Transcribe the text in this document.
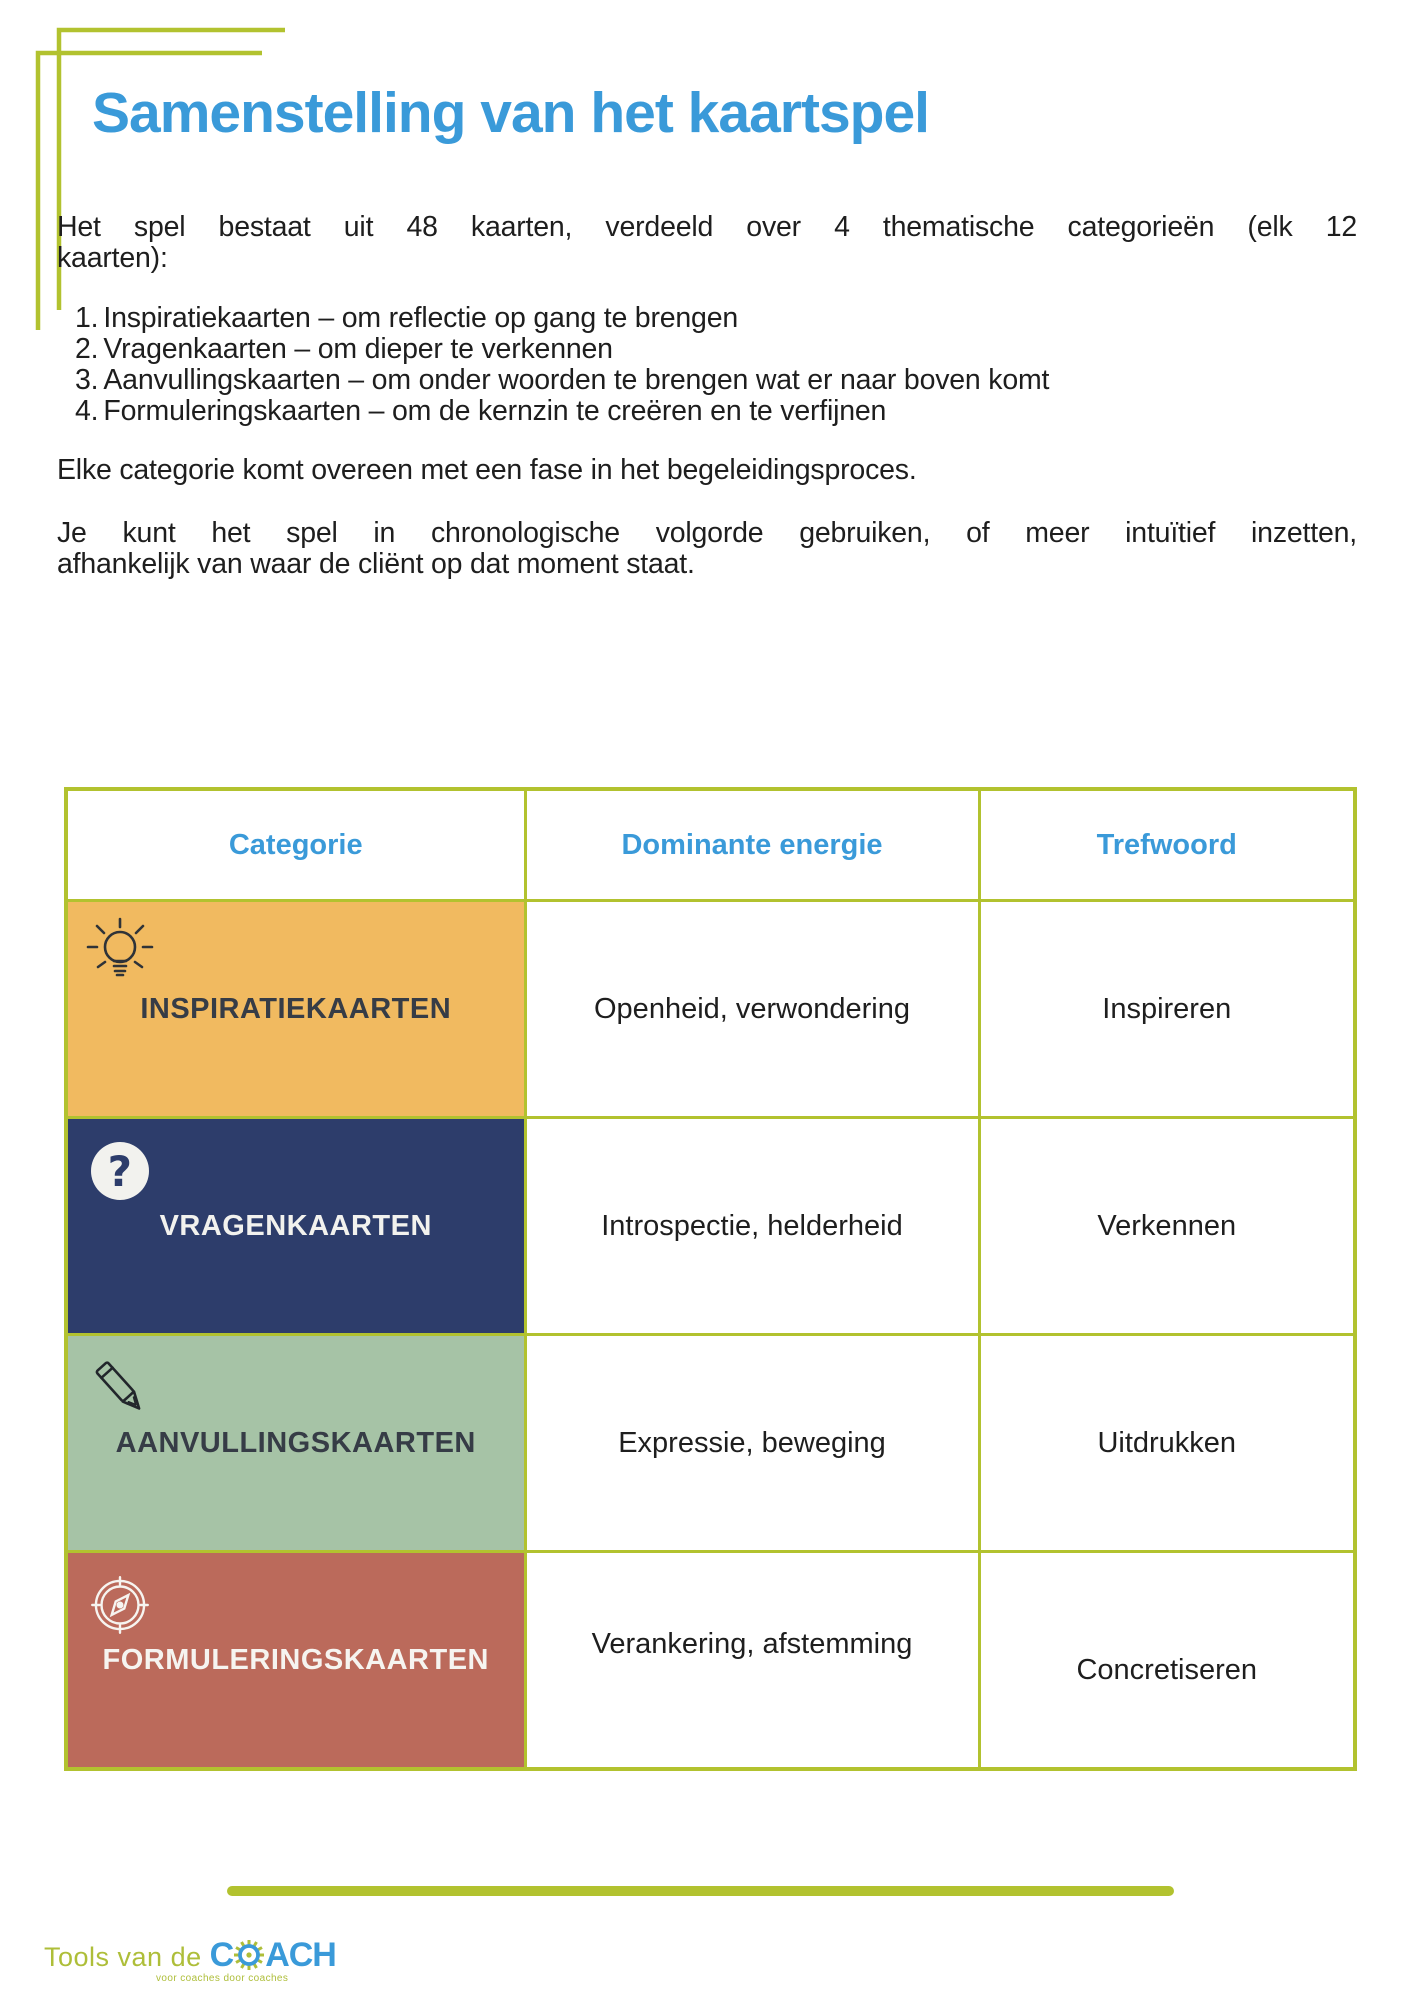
Samenstelling van het kaartspel
Het spel bestaat uit 48 kaarten, verdeeld over 4 thematische categorieën (elk 12
kaarten):
1. Inspiratiekaarten – om reflectie op gang te brengen
2. Vragenkaarten – om dieper te verkennen
3. Aanvullingskaarten – om onder woorden te brengen wat er naar boven komt
4. Formuleringskaarten – om de kernzin te creëren en te verfijnen
Elke categorie komt overeen met een fase in het begeleidingsproces.
Je kunt het spel in chronologische volgorde gebruiken, of meer intuïtief inzetten,
afhankelijk van waar de cliënt op dat moment staat.
Categorie	Dominante energie	Trefwoord

INSPIRATIEKAARTEN	Openheid, verwondering	Inspireren

?
VRAGENKAARTEN	Introspectie, helderheid	Verkennen

AANVULLINGSKAARTEN	Expressie, beweging	Uitdrukken

FORMULERINGSKAARTEN	Verankering, afstemming	Concretiseren
Tools van de
C ACH
voor coaches door coaches
